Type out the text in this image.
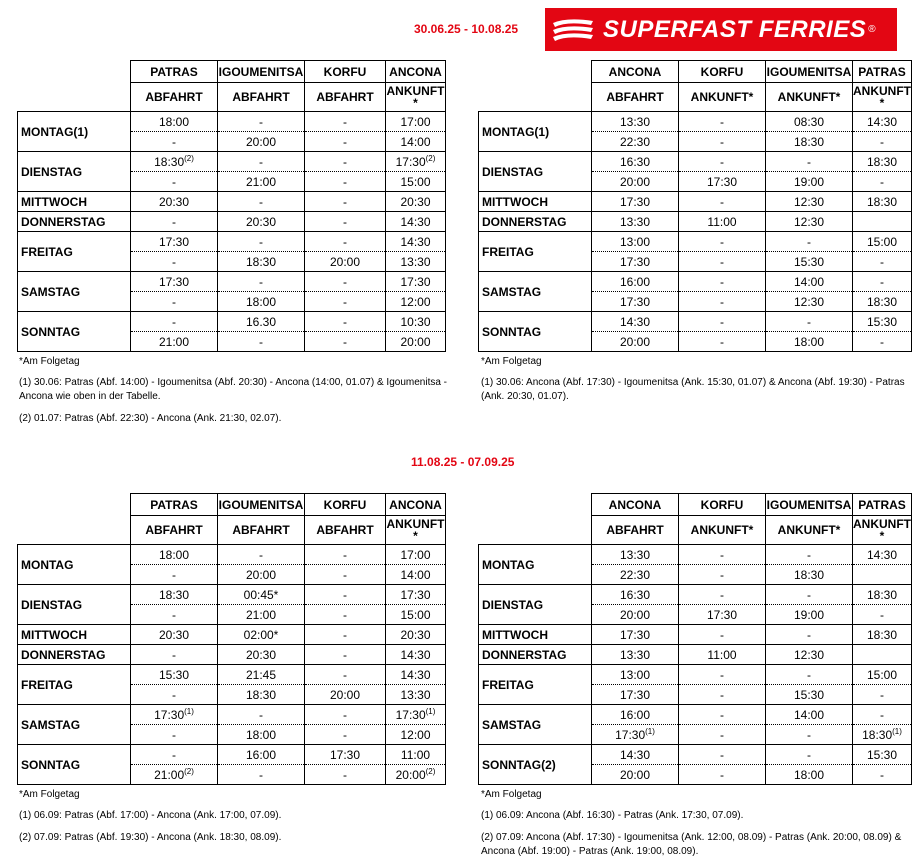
30.06.25 - 10.08.25
11.08.25 - 07.09.25
SUPERFAST FERRIES ®
	PATRAS	IGOUMENITSA	KORFU	ANCONA
	ABFAHRT	ABFAHRT	ABFAHRT	ANKUNFT
*
MONTAG(1)	18:00	-	-	17:00
	-	20:00	-	14:00
DIENSTAG	18:30$^{(2)}$	-	-	17:30$^{(2)}$
	-	21:00	-	15:00
MITTWOCH	20:30	-	-	20:30
DONNERSTAG	-	20:30	-	14:30
FREITAG	17:30	-	-	14:30
	-	18:30	20:00	13:30
SAMSTAG	17:30	-	-	17:30
	-	18:00	-	12:00
SONNTAG	-	16.30	-	10:30
	21:00	-	-	20:00
	ANCONA	KORFU	IGOUMENITSA	PATRAS
	ABFAHRT	ANKUNFT*	ANKUNFT*	ANKUNFT
*
MONTAG(1)	13:30	-	08:30	14:30
	22:30	-	18:30	-
DIENSTAG	16:30	-	-	18:30
	20:00	17:30	19:00	-
MITTWOCH	17:30	-	12:30	18:30
DONNERSTAG	13:30	11:00	12:30	
FREITAG	13:00	-	-	15:00
	17:30	-	15:30	-
SAMSTAG	16:00	-	14:00	-
	17:30	-	12:30	18:30
SONNTAG	14:30	-	-	15:30
	20:00	-	18:00	-
	PATRAS	IGOUMENITSA	KORFU	ANCONA
	ABFAHRT	ABFAHRT	ABFAHRT	ANKUNFT
*
MONTAG	18:00	-	-	17:00
	-	20:00	-	14:00
DIENSTAG	18:30	00:45*	-	17:30
	-	21:00	-	15:00
MITTWOCH	20:30	02:00*	-	20:30
DONNERSTAG	-	20:30	-	14:30
FREITAG	15:30	21:45	-	14:30
	-	18:30	20:00	13:30
SAMSTAG	17:30$^{(1)}$	-	-	17:30$^{(1)}$
	-	18:00	-	12:00
SONNTAG	-	16:00	17:30	11:00
	21:00$^{(2)}$	-	-	20:00$^{(2)}$
	ANCONA	KORFU	IGOUMENITSA	PATRAS
	ABFAHRT	ANKUNFT*	ANKUNFT*	ANKUNFT
*
MONTAG	13:30	-	-	14:30
	22:30	-	18:30	
DIENSTAG	16:30	-	-	18:30
	20:00	17:30	19:00	-
MITTWOCH	17:30	-	-	18:30
DONNERSTAG	13:30	11:00	12:30	
FREITAG	13:00	-	-	15:00
	17:30	-	15:30	-
SAMSTAG	16:00	-	14:00	-
	17:30$^{(1)}$	-	-	18:30$^{(1)}$
SONNTAG(2)	14:30	-	-	15:30
	20:00	-	18:00	-

*Am Folgetag

(1) 30.06: Patras (Abf. 14:00) - Igoumenitsa (Abf. 20:30) - Ancona (14:00, 01.07) & Igoumenitsa - Ancona wie oben in der Tabelle.

(2) 01.07: Patras (Abf. 22:30) - Ancona (Ank. 21:30, 02.07).

*Am Folgetag

(1) 30.06: Ancona (Abf. 17:30) - Igoumenitsa (Ank. 15:30, 01.07) & Ancona (Abf. 19:30) - Patras (Ank. 20:30, 01.07).

*Am Folgetag

(1) 06.09: Patras (Abf. 17:00) - Ancona (Ank. 17:00, 07.09).

(2) 07.09: Patras (Abf. 19:30) - Ancona (Ank. 18:30, 08.09).

*Am Folgetag

(1) 06.09: Ancona (Abf. 16:30) - Patras (Ank. 17:30, 07.09).

(2) 07.09: Ancona (Abf. 17:30) - Igoumenitsa (Ank. 12:00, 08.09) - Patras (Ank. 20:00, 08.09) & Ancona (Abf. 19:00) - Patras (Ank. 19:00, 08.09).
